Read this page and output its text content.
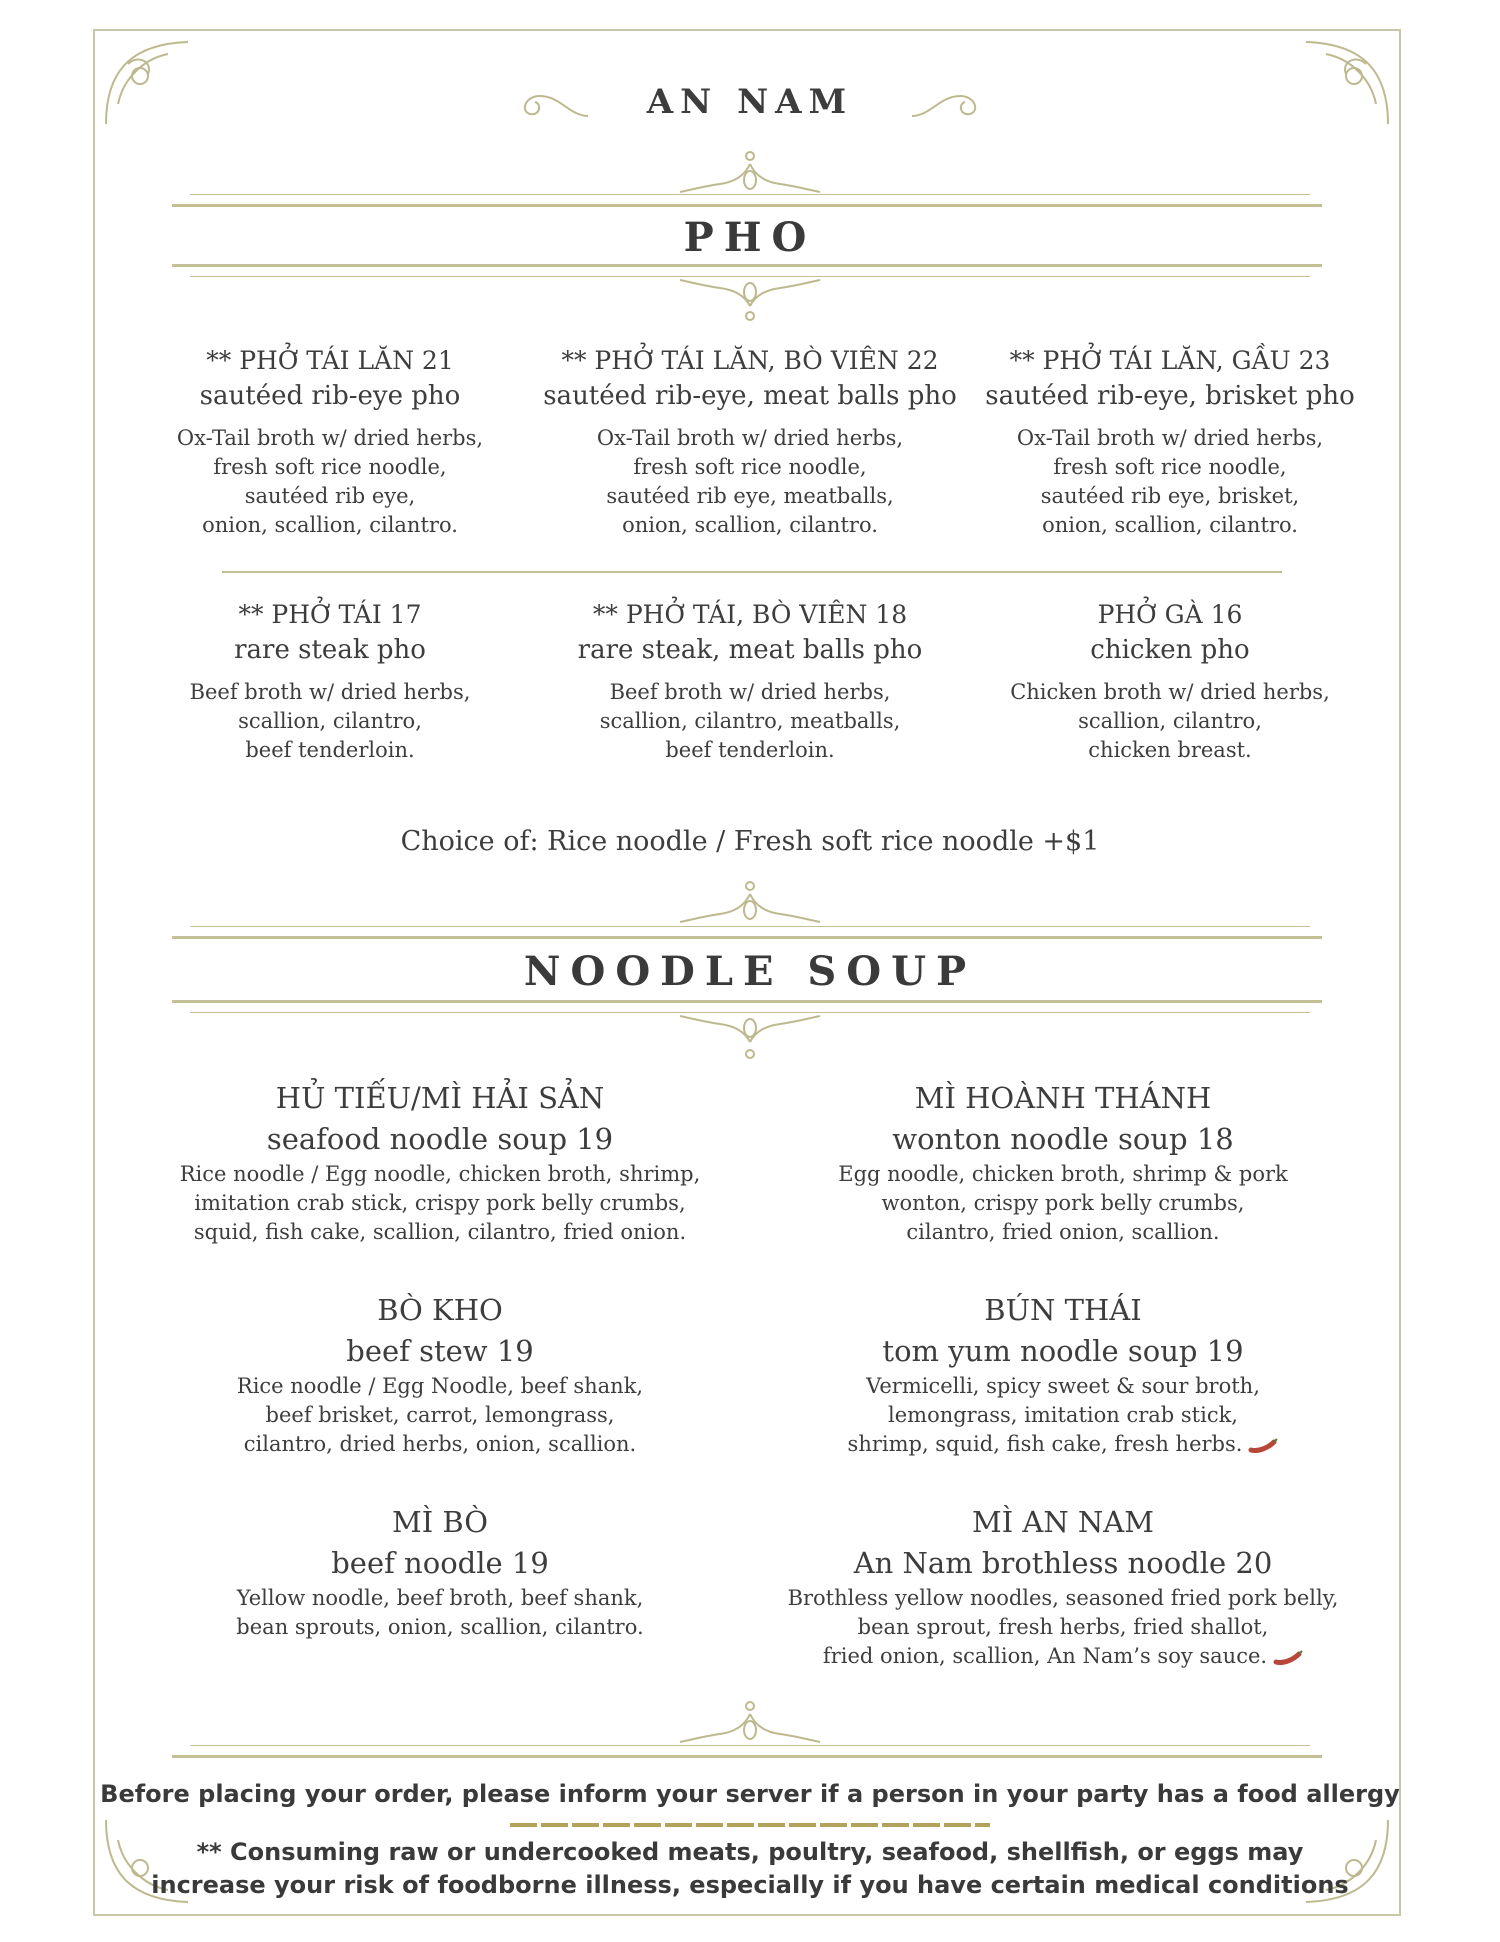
AN NAM
PHO
** PHỞ TÁI LĂN 21
sautéed rib-eye pho
Ox-Tail broth w/ dried herbs,
fresh soft rice noodle,
sautéed rib eye,
onion, scallion, cilantro.
** PHỞ TÁI LĂN, BÒ VIÊN 22
sautéed rib-eye, meat balls pho
Ox-Tail broth w/ dried herbs,
fresh soft rice noodle,
sautéed rib eye, meatballs,
onion, scallion, cilantro.
** PHỞ TÁI LĂN, GẦU 23
sautéed rib-eye, brisket pho
Ox-Tail broth w/ dried herbs,
fresh soft rice noodle,
sautéed rib eye, brisket,
onion, scallion, cilantro.
** PHỞ TÁI 17
rare steak pho
Beef broth w/ dried herbs,
scallion, cilantro,
beef tenderloin.
** PHỞ TÁI, BÒ VIÊN 18
rare steak, meat balls pho
Beef broth w/ dried herbs,
scallion, cilantro, meatballs,
beef tenderloin.
PHỞ GÀ 16
chicken pho
Chicken broth w/ dried herbs,
scallion, cilantro,
chicken breast.
Choice of: Rice noodle / Fresh soft rice noodle +$1
NOODLE SOUP
HỦ TIẾU/MÌ HẢI SẢN
seafood noodle soup 19
Rice noodle / Egg noodle, chicken broth, shrimp,
imitation crab stick, crispy pork belly crumbs,
squid, fish cake, scallion, cilantro, fried onion.
MÌ HOÀNH THÁNH
wonton noodle soup 18
Egg noodle, chicken broth, shrimp & pork
wonton, crispy pork belly crumbs,
cilantro, fried onion, scallion.
BÒ KHO
beef stew 19
Rice noodle / Egg Noodle, beef shank,
beef brisket, carrot, lemongrass,
cilantro, dried herbs, onion, scallion.
BÚN THÁI
tom yum noodle soup 19
Vermicelli, spicy sweet & sour broth,
lemongrass, imitation crab stick,
shrimp, squid, fish cake, fresh herbs.
MÌ BÒ
beef noodle 19
Yellow noodle, beef broth, beef shank,
bean sprouts, onion, scallion, cilantro.
MÌ AN NAM
An Nam brothless noodle 20
Brothless yellow noodles, seasoned fried pork belly,
bean sprout, fresh herbs, fried shallot,
fried onion, scallion, An Nam’s soy sauce.
Before placing your order, please inform your server if a person in your party has a food allergy
** Consuming raw or undercooked meats, poultry, seafood, shellfish, or eggs may
increase your risk of foodborne illness, especially if you have certain medical conditions
